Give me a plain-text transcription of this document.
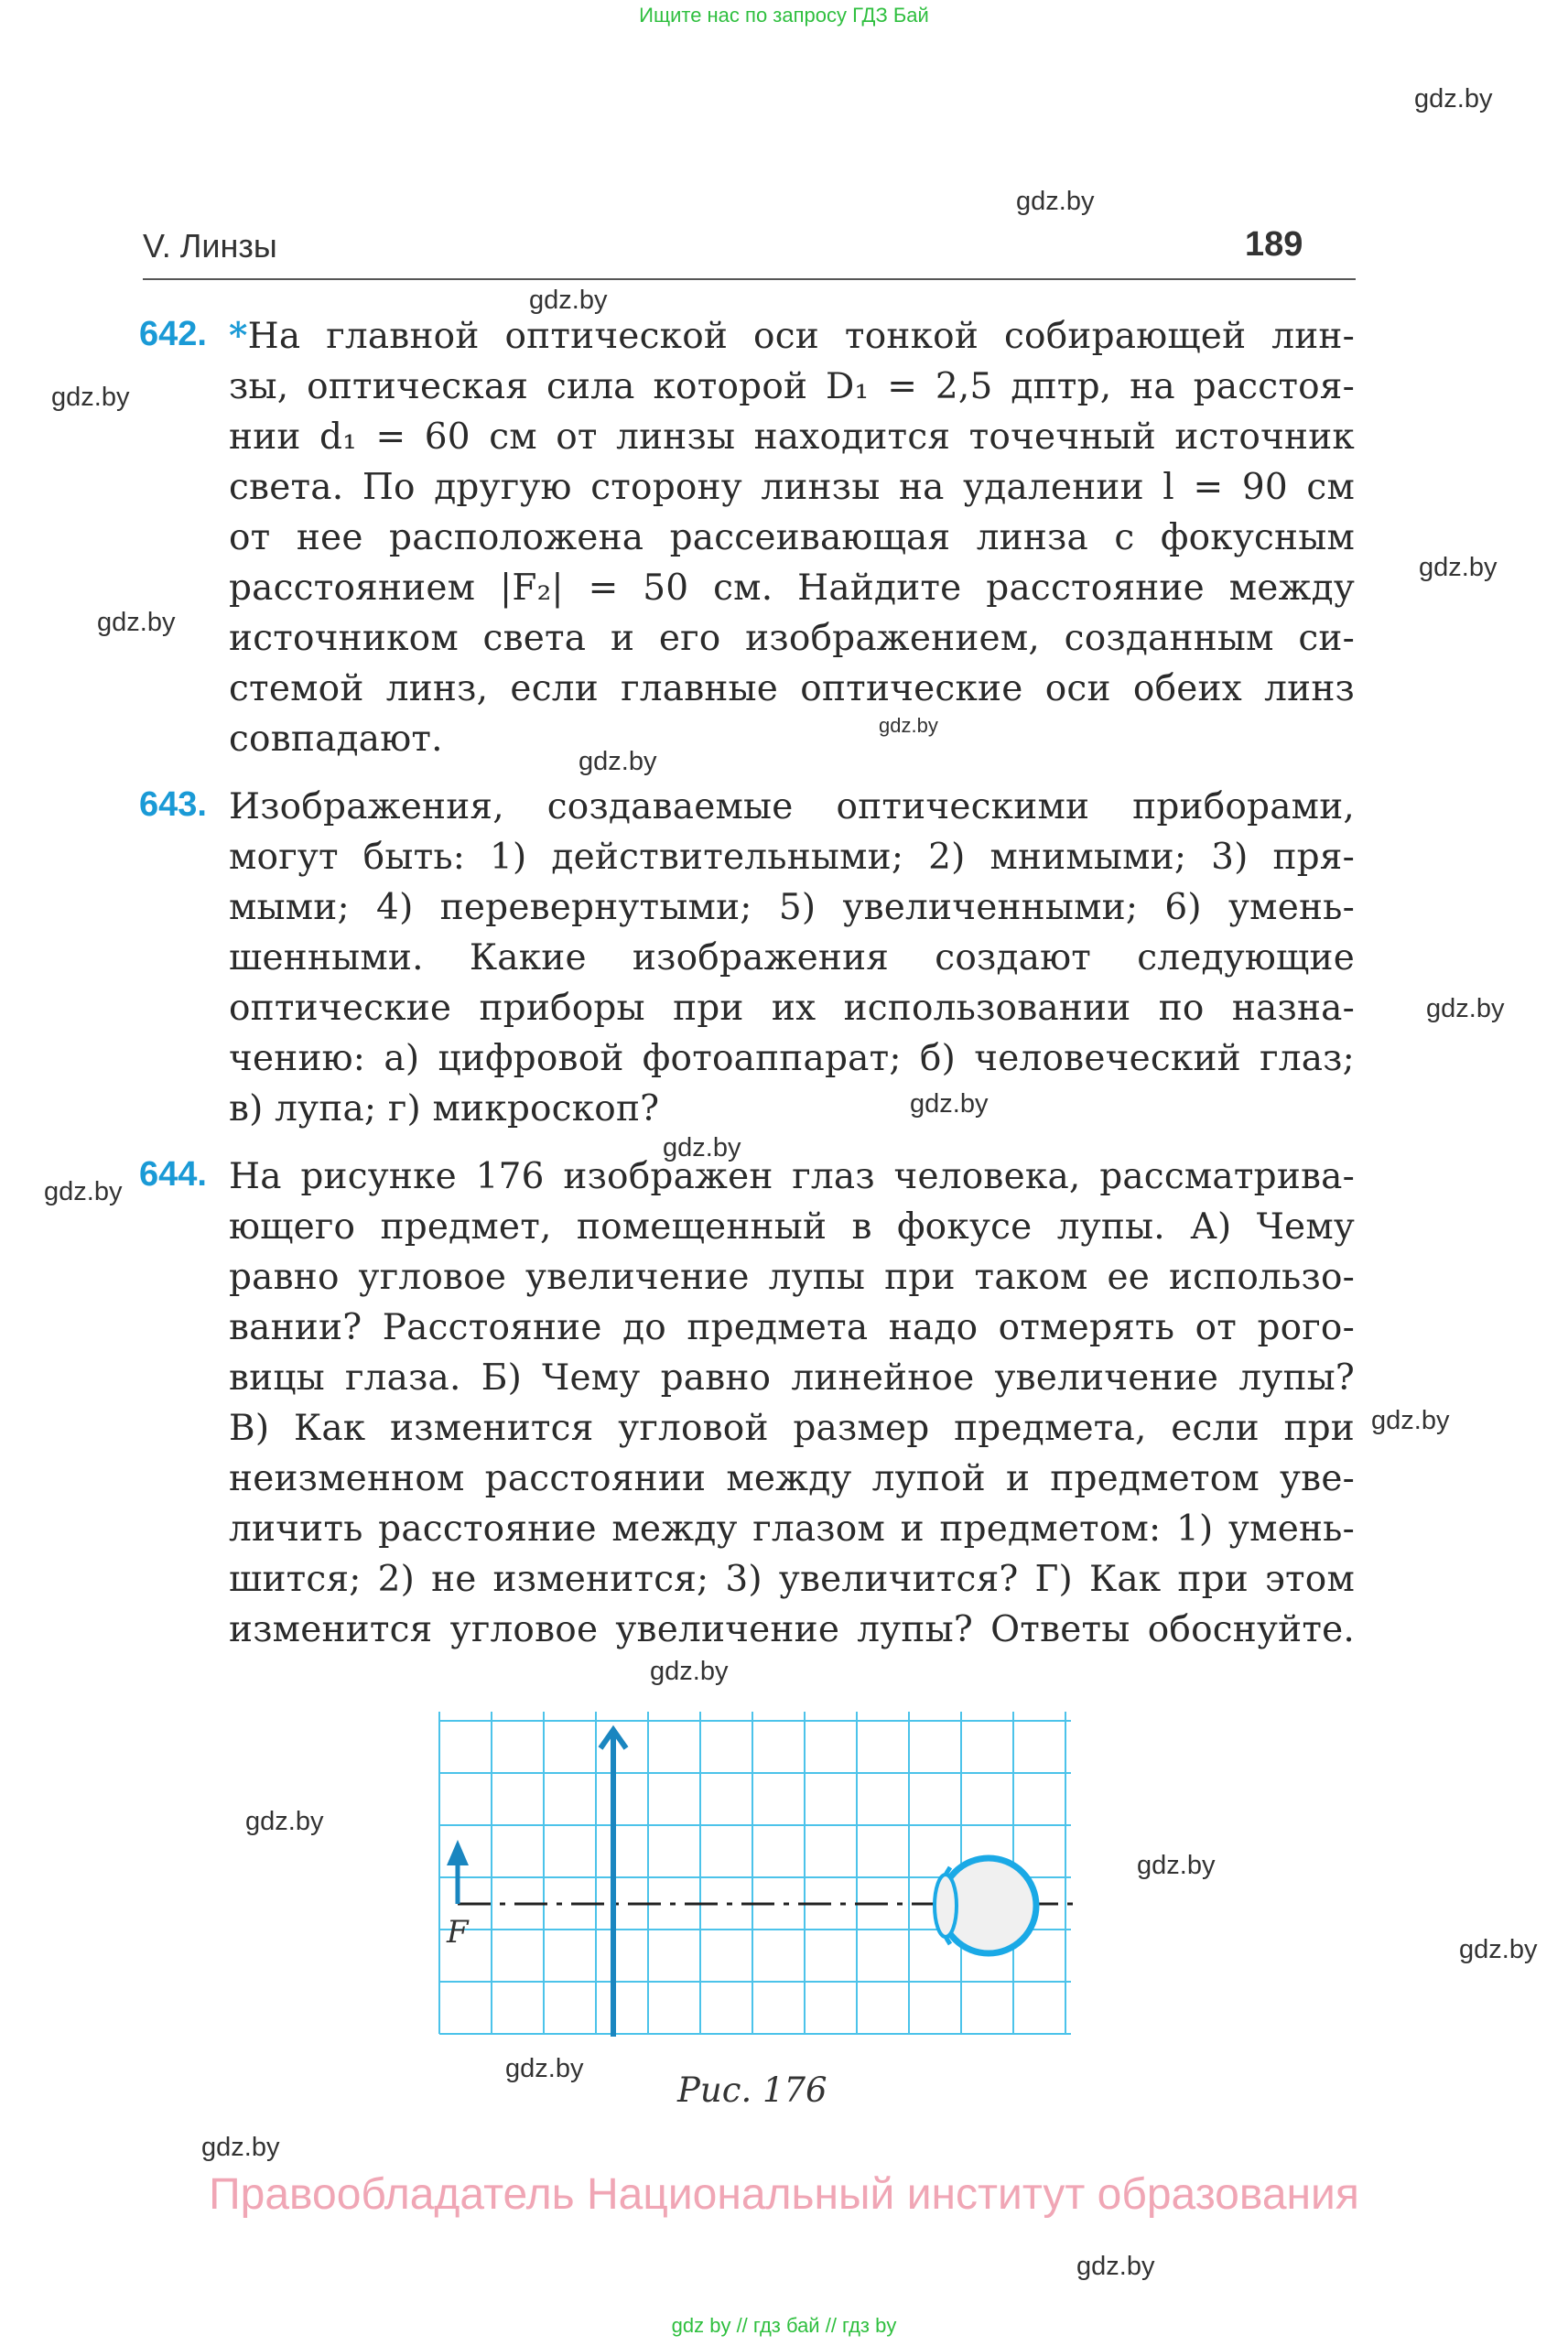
Ищите нас по запросу ГДЗ Бай
V. Линзы	189
642. *На главной оптической оси тонкой собирающей лин-
зы, оптическая сила которой D₁ = 2,5 дптр, на расстоя-
нии d₁ = 60 см от линзы находится точечный источник
света. По другую сторону линзы на удалении l = 90 см
от нее расположена рассеивающая линза с фокусным
расстоянием |F₂| = 50 см. Найдите расстояние между
источником света и его изображением, созданным си-
стемой линз, если главные оптические оси обеих линз
совпадают.
643. Изображения, создаваемые оптическими приборами,
могут быть: 1) действительными; 2) мнимыми; 3) пря-
мыми; 4) перевернутыми; 5) увеличенными; 6) умень-
шенными. Какие изображения создают следующие
оптические приборы при их использовании по назна-
чению: а) цифровой фотоаппарат; б) человеческий глаз;
в) лупа; г) микроскоп?
644. На рисунке 176 изображен глаз человека, рассматрива-
ющего предмет, помещенный в фокусе лупы. А) Чему
равно угловое увеличение лупы при таком ее использо-
вании? Расстояние до предмета надо отмерять от рого-
вицы глаза. Б) Чему равно линейное увеличение лупы?
В) Как изменится угловой размер предмета, если при
неизменном расстоянии между лупой и предметом уве-
личить расстояние между глазом и предметом: 1) умень-
шится; 2) не изменится; 3) увеличится? Г) Как при этом
изменится угловое увеличение лупы? Ответы обоснуйте.
F
Рис. 176
Правообладатель Национальный институт образования
gdz by // гдз бай // гдз by
gdz.by
gdz.by
gdz.by
gdz.by
gdz.by
gdz.by
gdz.by
gdz.by
gdz.by
gdz.by
gdz.by
gdz.by
gdz.by
gdz.by
gdz.by
gdz.by
gdz.by
gdz.by
gdz.by
gdz.by
